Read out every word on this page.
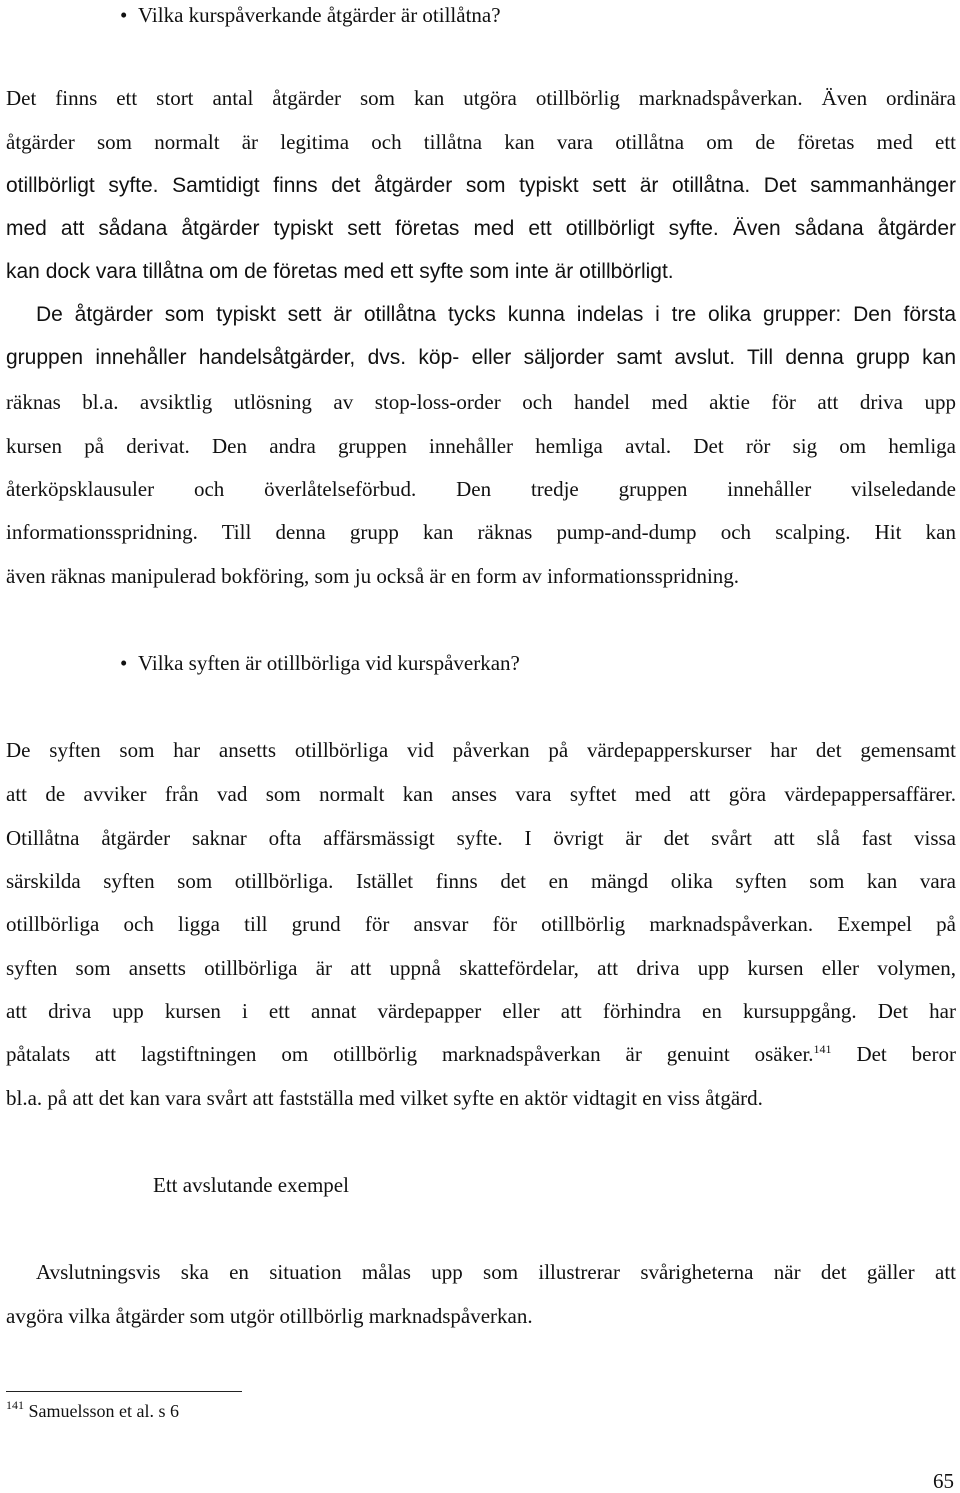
• Vilka kurspåverkande åtgärder är otillåtna?
Det finns ett stort antal åtgärder som kan utgöra otillbörlig marknadspåverkan. Även ordinära
åtgärder som normalt är legitima och tillåtna kan vara otillåtna om de företas med ett
otillbörligt syfte. Samtidigt finns det åtgärder som typiskt sett är otillåtna. Det sammanhänger
med att sådana åtgärder typiskt sett företas med ett otillbörligt syfte. Även sådana åtgärder
kan dock vara tillåtna om de företas med ett syfte som inte är otillbörligt.
De åtgärder som typiskt sett är otillåtna tycks kunna indelas i tre olika grupper: Den första
gruppen innehåller handelsåtgärder, dvs. köp- eller säljorder samt avslut. Till denna grupp kan
räknas bl.a. avsiktlig utlösning av stop-loss-order och handel med aktie för att driva upp
kursen på derivat. Den andra gruppen innehåller hemliga avtal. Det rör sig om hemliga
återköpsklausuler och överlåtelseförbud. Den tredje gruppen innehåller vilseledande
informationsspridning. Till denna grupp kan räknas pump-and-dump och scalping. Hit kan
även räknas manipulerad bokföring, som ju också är en form av informationsspridning.
• Vilka syften är otillbörliga vid kurspåverkan?
De syften som har ansetts otillbörliga vid påverkan på värdepapperskurser har det gemensamt
att de avviker från vad som normalt kan anses vara syftet med att göra värdepappersaffärer.
Otillåtna åtgärder saknar ofta affärsmässigt syfte. I övrigt är det svårt att slå fast vissa
särskilda syften som otillbörliga. Istället finns det en mängd olika syften som kan vara
otillbörliga och ligga till grund för ansvar för otillbörlig marknadspåverkan. Exempel på
syften som ansetts otillbörliga är att uppnå skattefördelar, att driva upp kursen eller volymen,
att driva upp kursen i ett annat värdepapper eller att förhindra en kursuppgång. Det har
påtalats att lagstiftningen om otillbörlig marknadspåverkan är genuint osäker.$^{141}$ Det beror
bl.a. på att det kan vara svårt att fastställa med vilket syfte en aktör vidtagit en viss åtgärd.
Ett avslutande exempel
Avslutningsvis ska en situation målas upp som illustrerar svårigheterna när det gäller att
avgöra vilka åtgärder som utgör otillbörlig marknadspåverkan.
$^{141}$ Samuelsson et al. s 6
65
